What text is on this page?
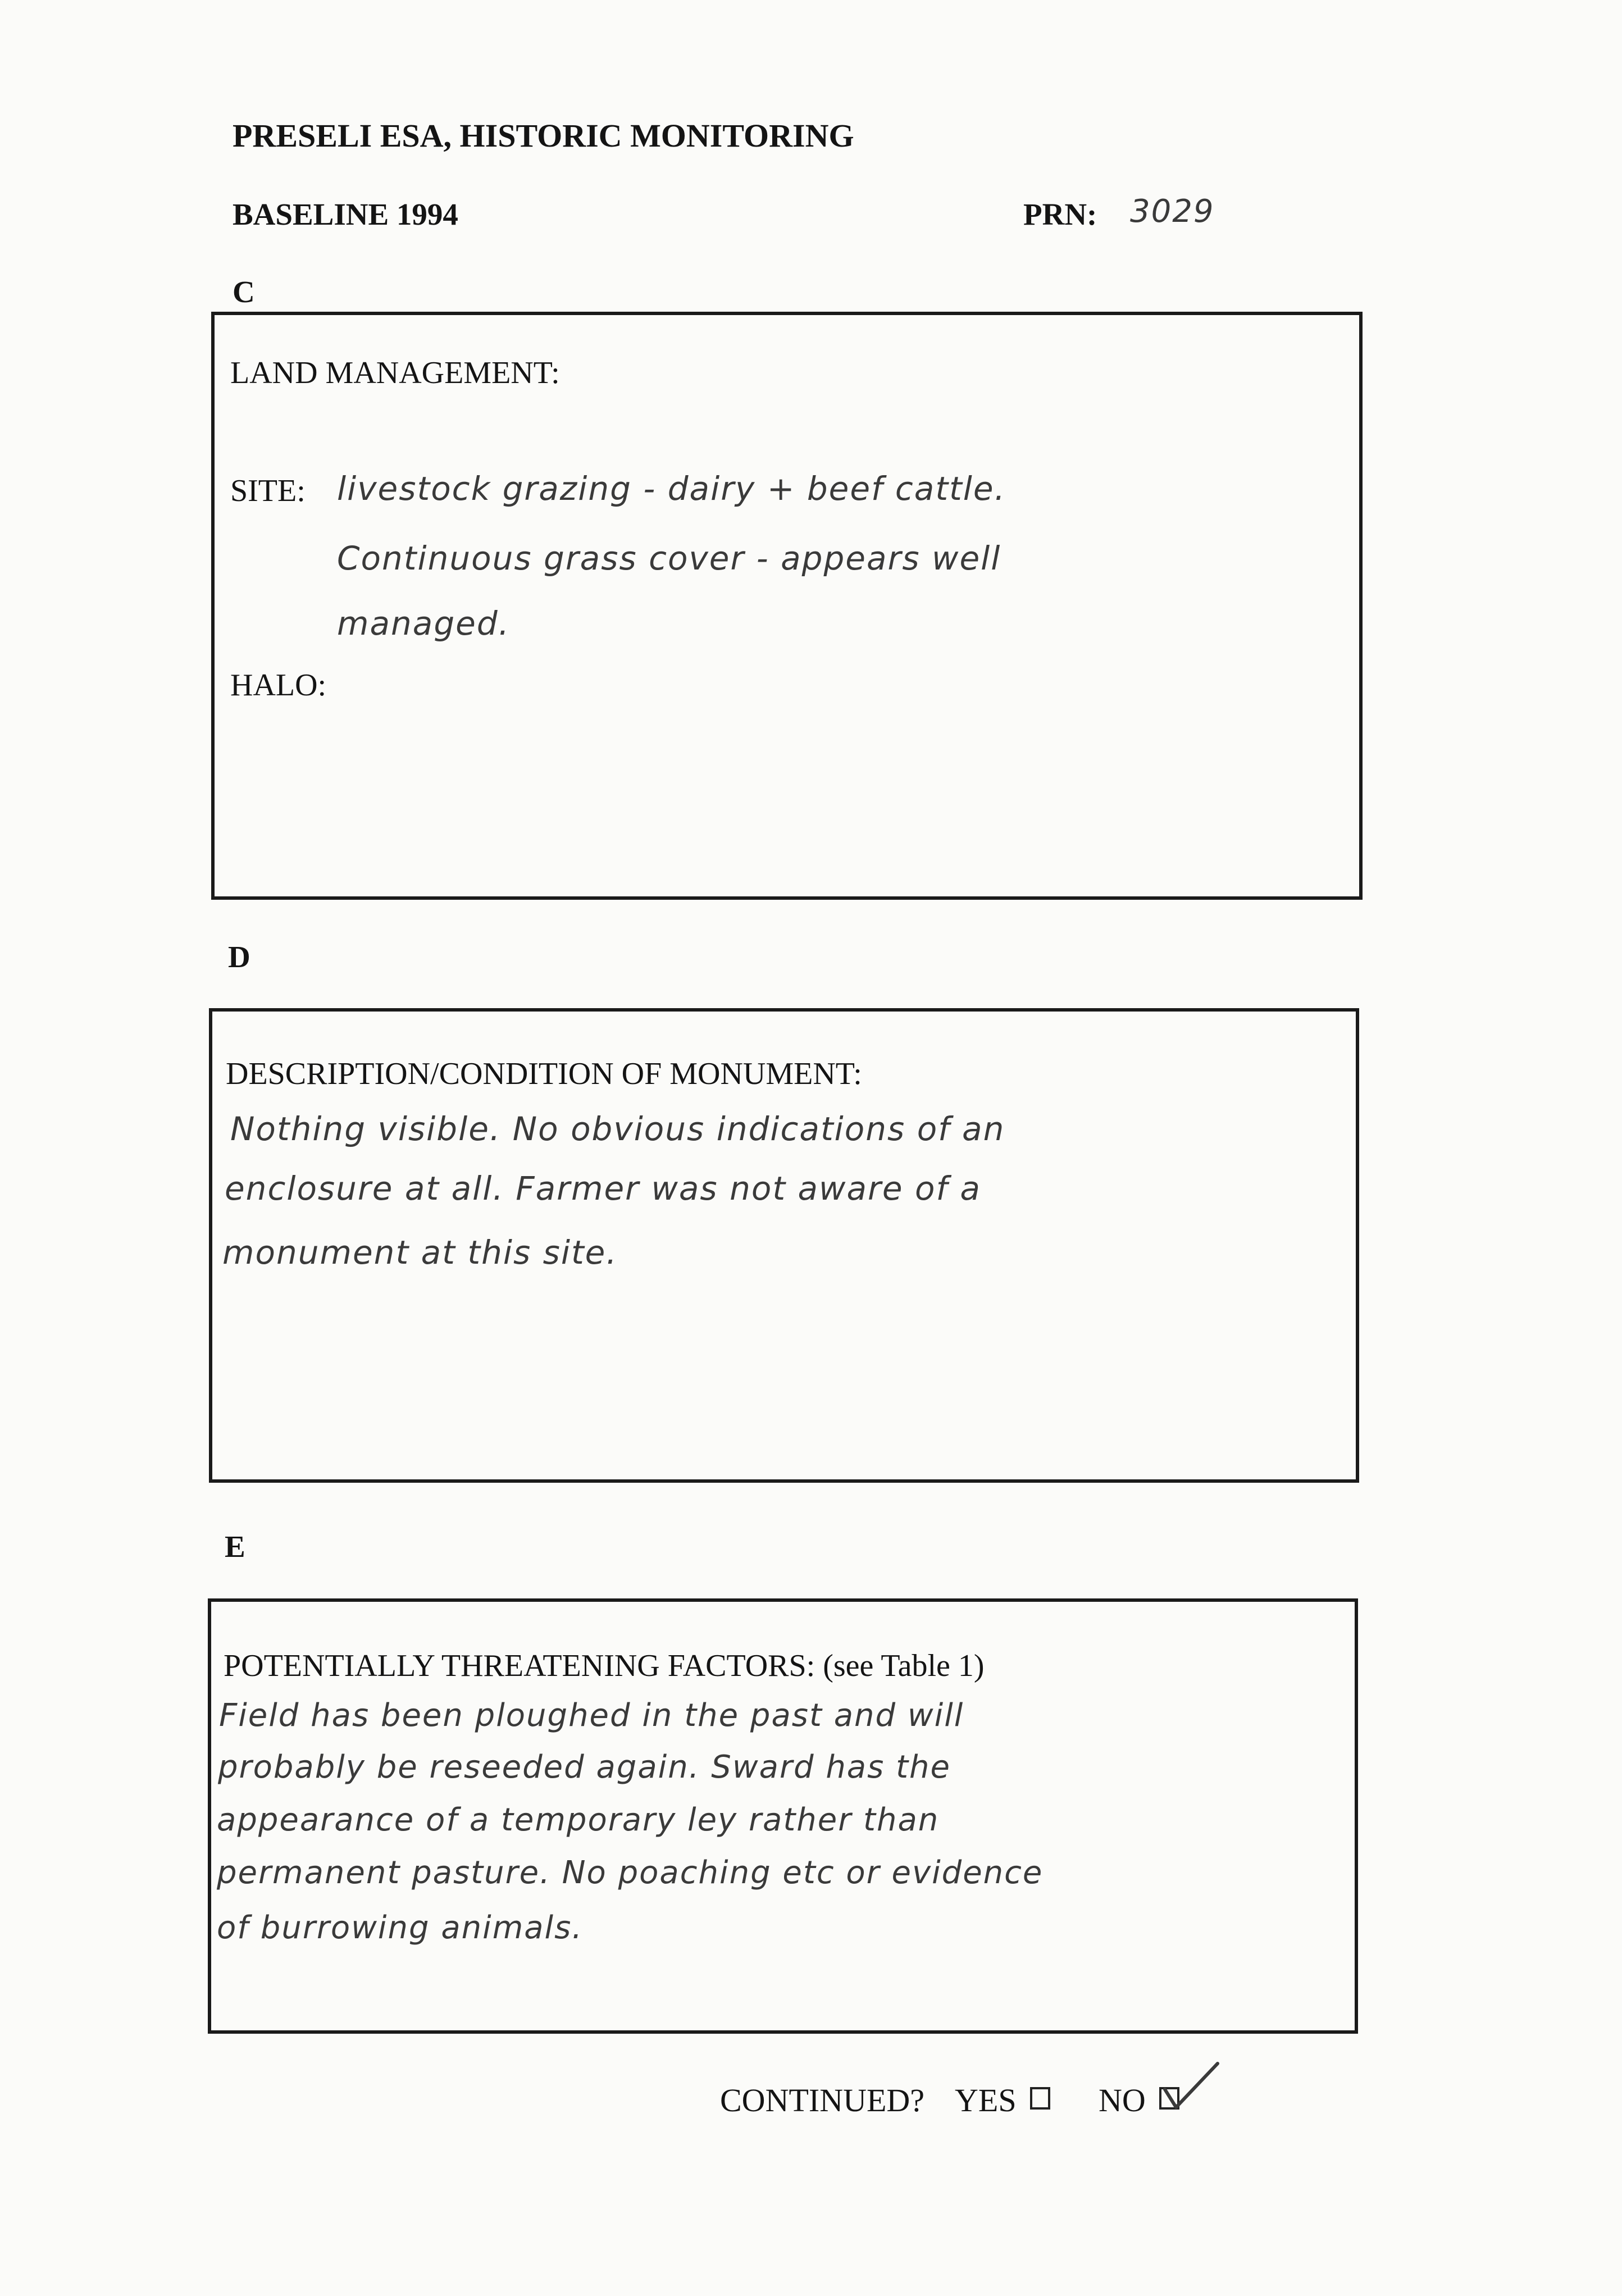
PRESELI ESA, HISTORIC MONITORING
BASELINE 1994	PRN: 3029
C
LAND MANAGEMENT:
SITE: livestock grazing - dairy + beef cattle.
Continuous grass cover - appears well
managed.
HALO:
D
DESCRIPTION/CONDITION OF MONUMENT:
Nothing visible. No obvious indications of an
enclosure at all. Farmer was not aware of a
monument at this site.
E
POTENTIALLY THREATENING FACTORS: (see Table 1)
Field has been ploughed in the past and will
probably be reseeded again. Sward has the
appearance of a temporary ley rather than
permanent pasture. No poaching etc or evidence
of burrowing animals.
CONTINUED? YES	NO
